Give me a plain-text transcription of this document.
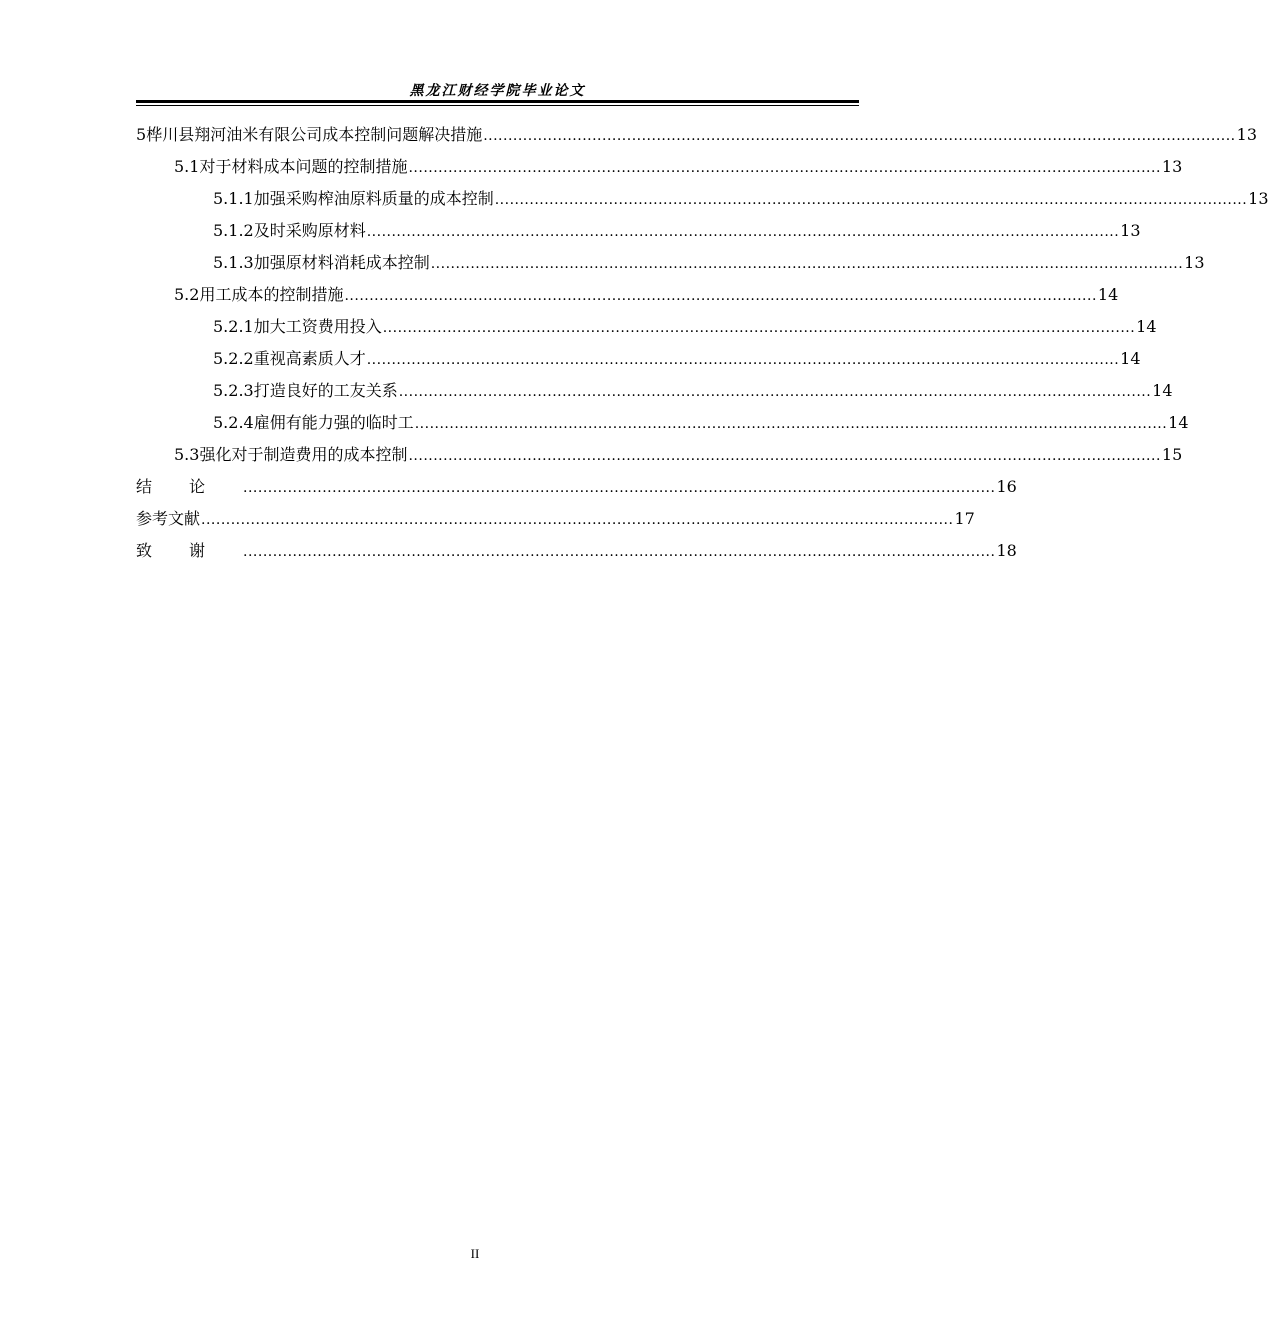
黑龙江财经学院毕业论文
5 桦川县翔河油米有限公司成本控制问题解决措施 ........................................................................................................................................................ 13
5.1 对于材料成本问题的控制措施 ........................................................................................................................................................ 13
5.1.1 加强采购榨油原料质量的成本控制 ........................................................................................................................................................ 13
5.1.2 及时采购原材料 ........................................................................................................................................................ 13
5.1.3 加强原材料消耗成本控制 ........................................................................................................................................................ 13
5.2 用工成本的控制措施 ........................................................................................................................................................ 14
5.2.1 加大工资费用投入 ........................................................................................................................................................ 14
5.2.2 重视高素质人才 ........................................................................................................................................................ 14
5.2.3 打造良好的工友关系 ........................................................................................................................................................ 14
5.2.4 雇佣有能力强的临时工 ........................................................................................................................................................ 14
5.3 强化对于制造费用的成本控制 ........................................................................................................................................................ 15
结论 ........................................................................................................................................................ 16
参考文献 ........................................................................................................................................................ 17
致谢 ........................................................................................................................................................ 18
II
